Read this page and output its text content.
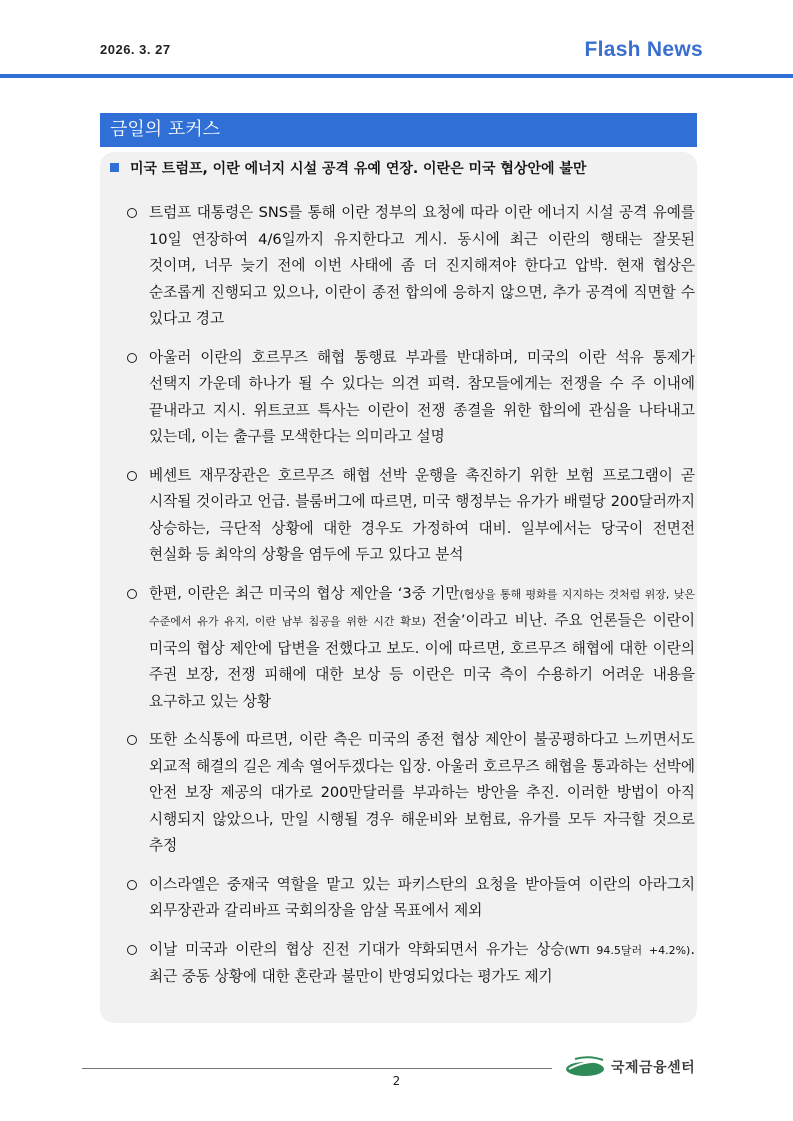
2026. 3. 27	Flash News
금일의 포커스
미국 트럼프, 이란 에너지 시설 공격 유예 연장. 이란은 미국 협상안에 불만
트럼프 대통령은 SNS를 통해 이란 정부의 요청에 따라 이란 에너지 시설 공격 유예를 10일 연장하여 4/6일까지 유지한다고 게시. 동시에 최근 이란의 행태는 잘못된 것이며, 너무 늦기 전에 이번 사태에 좀 더 진지해져야 한다고 압박. 현재 협상은 순조롭게 진행되고 있으나, 이란이 종전 합의에 응하지 않으면, 추가 공격에 직면할 수 있다고 경고
아울러 이란의 호르무즈 해협 통행료 부과를 반대하며, 미국의 이란 석유 통제가 선택지 가운데 하나가 될 수 있다는 의견 피력. 참모들에게는 전쟁을 수 주 이내에 끝내라고 지시. 위트코프 특사는 이란이 전쟁 종결을 위한 합의에 관심을 나타내고 있는데, 이는 출구를 모색한다는 의미라고 설명
베센트 재무장관은 호르무즈 해협 선박 운행을 촉진하기 위한 보험 프로그램이 곧 시작될 것이라고 언급. 블룸버그에 따르면, 미국 행정부는 유가가 배럴당 200달러까지 상승하는, 극단적 상황에 대한 경우도 가정하여 대비. 일부에서는 당국이 전면전 현실화 등 최악의 상황을 염두에 두고 있다고 분석
한편, 이란은 최근 미국의 협상 제안을 ‘3중 기만(협상을 통해 평화를 지지하는 것처럼 위장, 낮은 수준에서 유가 유지, 이란 남부 침공을 위한 시간 확보) 전술’이라고 비난. 주요 언론들은 이란이 미국의 협상 제안에 답변을 전했다고 보도. 이에 따르면, 호르무즈 해협에 대한 이란의 주권 보장, 전쟁 피해에 대한 보상 등 이란은 미국 측이 수용하기 어려운 내용을 요구하고 있는 상황
또한 소식통에 따르면, 이란 측은 미국의 종전 협상 제안이 불공평하다고 느끼면서도 외교적 해결의 길은 계속 열어두겠다는 입장. 아울러 호르무즈 해협을 통과하는 선박에 안전 보장 제공의 대가로 200만달러를 부과하는 방안을 추진. 이러한 방법이 아직 시행되지 않았으나, 만일 시행될 경우 해운비와 보험료, 유가를 모두 자극할 것으로 추정
이스라엘은 중재국 역할을 맡고 있는 파키스탄의 요청을 받아들여 이란의 아라그치 외무장관과 갈리바프 국회의장을 암살 목표에서 제외
이날 미국과 이란의 협상 진전 기대가 약화되면서 유가는 상승(WTI 94.5달러 +4.2%). 최근 중동 상황에 대한 혼란과 불만이 반영되었다는 평가도 제기
국제금융센터
2
